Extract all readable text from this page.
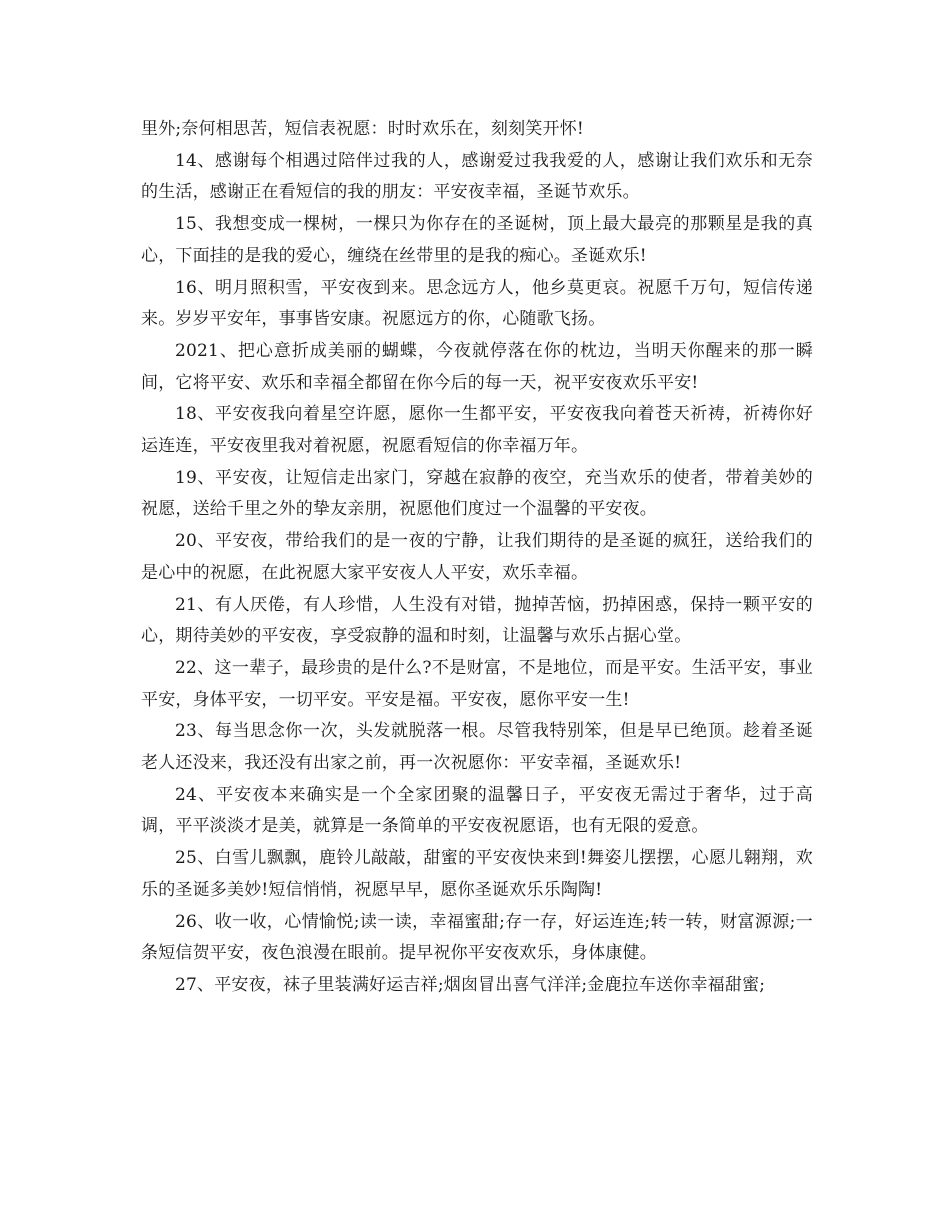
里外;奈何相思苦，短信表祝愿：时时欢乐在，刻刻笑开怀!

14、感谢每个相遇过陪伴过我的人，感谢爱过我我爱的人，感谢让我们欢乐和无奈的生活，感谢正在看短信的我的朋友：平安夜幸福，圣诞节欢乐。

15、我想变成一棵树，一棵只为你存在的圣诞树，顶上最大最亮的那颗星是我的真心，下面挂的是我的爱心，缠绕在丝带里的是我的痴心。圣诞欢乐!

16、明月照积雪，平安夜到来。思念远方人，他乡莫更哀。祝愿千万句，短信传递来。岁岁平安年，事事皆安康。祝愿远方的你，心随歌飞扬。

2021、把心意折成美丽的蝴蝶，今夜就停落在你的枕边，当明天你醒来的那一瞬间，它将平安、欢乐和幸福全都留在你今后的每一天，祝平安夜欢乐平安!

18、平安夜我向着星空许愿，愿你一生都平安，平安夜我向着苍天祈祷，祈祷你好运连连，平安夜里我对着祝愿，祝愿看短信的你幸福万年。

19、平安夜，让短信走出家门，穿越在寂静的夜空，充当欢乐的使者，带着美妙的祝愿，送给千里之外的挚友亲朋，祝愿他们度过一个温馨的平安夜。

20、平安夜，带给我们的是一夜的宁静，让我们期待的是圣诞的疯狂，送给我们的是心中的祝愿，在此祝愿大家平安夜人人平安，欢乐幸福。

21、有人厌倦，有人珍惜，人生没有对错，抛掉苦恼，扔掉困惑，保持一颗平安的心，期待美妙的平安夜，享受寂静的温和时刻，让温馨与欢乐占据心堂。

22、这一辈子，最珍贵的是什么?不是财富，不是地位，而是平安。生活平安，事业平安，身体平安，一切平安。平安是福。平安夜，愿你平安一生!

23、每当思念你一次，头发就脱落一根。尽管我特别笨，但是早已绝顶。趁着圣诞老人还没来，我还没有出家之前，再一次祝愿你：平安幸福，圣诞欢乐!

24、平安夜本来确实是一个全家团聚的温馨日子，平安夜无需过于奢华，过于高调，平平淡淡才是美，就算是一条简单的平安夜祝愿语，也有无限的爱意。

25、白雪儿飘飘，鹿铃儿敲敲，甜蜜的平安夜快来到!舞姿儿摆摆，心愿儿翱翔，欢乐的圣诞多美妙!短信悄悄，祝愿早早，愿你圣诞欢乐乐陶陶!

26、收一收，心情愉悦;读一读，幸福蜜甜;存一存，好运连连;转一转，财富源源;一条短信贺平安，夜色浪漫在眼前。提早祝你平安夜欢乐，身体康健。

27、平安夜，袜子里装满好运吉祥;烟囱冒出喜气洋洋;金鹿拉车送你幸福甜蜜;
